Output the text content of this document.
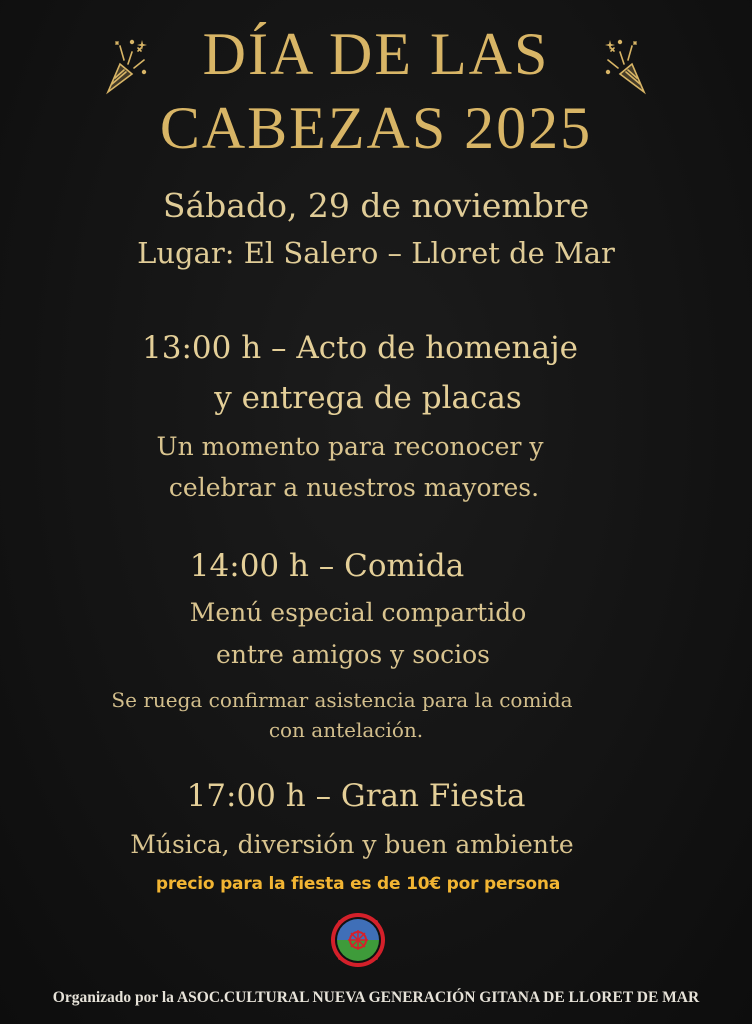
DÍA DE LAS
CABEZAS 2025
Sábado, 29 de noviembre
Lugar: El Salero – Lloret de Mar
13:00 h – Acto de homenaje
y entrega de placas
Un momento para reconocer y
celebrar a nuestros mayores.
14:00 h – Comida
Menú especial compartido
entre amigos y socios
Se ruega confirmar asistencia para la comida
con antelación.
17:00 h – Gran Fiesta
Música, diversión y buen ambiente
precio para la fiesta es de 10€ por persona
Organizado por la ASOC.CULTURAL NUEVA GENERACIÓN GITANA DE LLORET DE MAR
